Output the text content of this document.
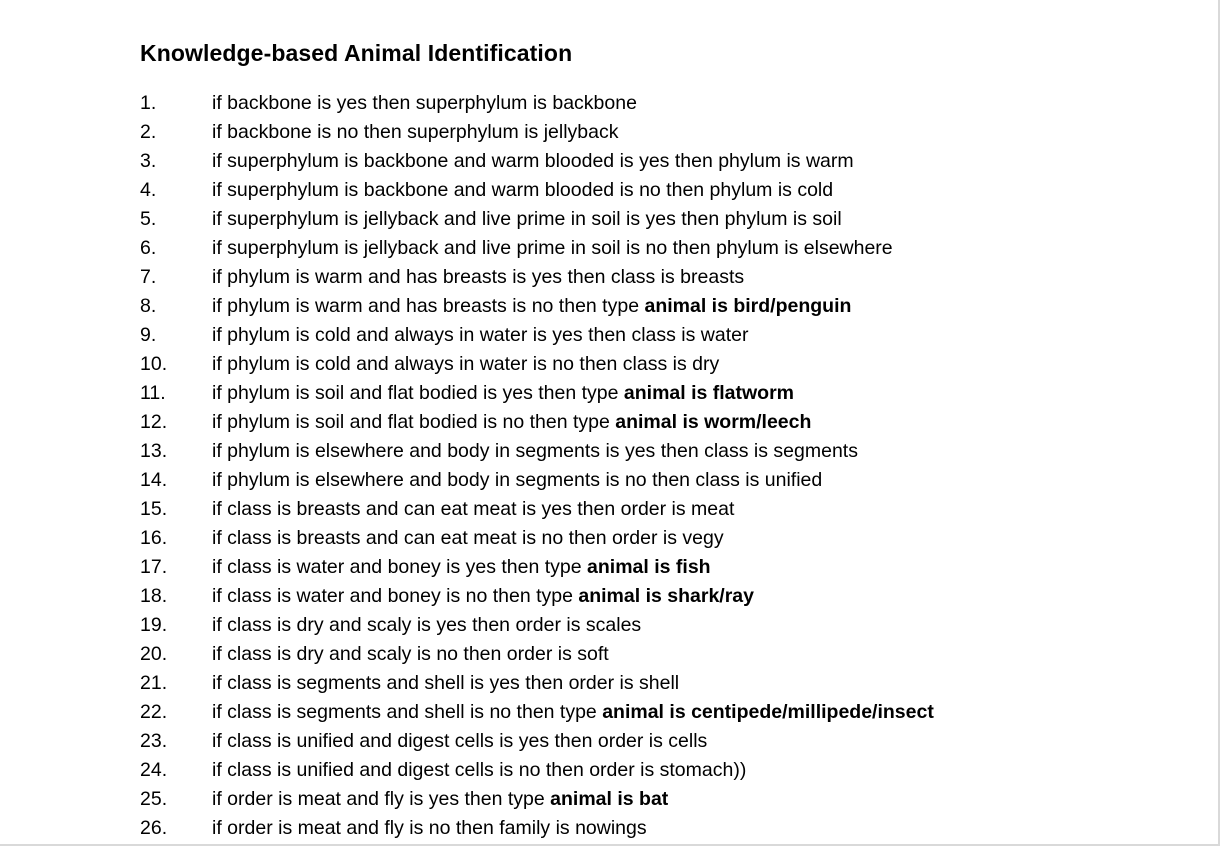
Knowledge-based Animal Identification
1.	if backbone is yes then superphylum is backbone
2.	if backbone is no then superphylum is jellyback
3.	if superphylum is backbone and warm blooded is yes then phylum is warm
4.	if superphylum is backbone and warm blooded is no then phylum is cold
5.	if superphylum is jellyback and live prime in soil is yes then phylum is soil
6.	if superphylum is jellyback and live prime in soil is no then phylum is elsewhere
7.	if phylum is warm and has breasts is yes then class is breasts
8.	if phylum is warm and has breasts is no then type animal is bird/penguin
9.	if phylum is cold and always in water is yes then class is water
10. if phylum is cold and always in water is no then class is dry
11. if phylum is soil and flat bodied is yes then type animal is flatworm
12. if phylum is soil and flat bodied is no then type animal is worm/leech
13. if phylum is elsewhere and body in segments is yes then class is segments
14. if phylum is elsewhere and body in segments is no then class is unified
15. if class is breasts and can eat meat is yes then order is meat
16. if class is breasts and can eat meat is no then order is vegy
17. if class is water and boney is yes then type animal is fish
18. if class is water and boney is no then type animal is shark/ray
19. if class is dry and scaly is yes then order is scales
20. if class is dry and scaly is no then order is soft
21. if class is segments and shell is yes then order is shell
22. if class is segments and shell is no then type animal is centipede/millipede/insect
23. if class is unified and digest cells is yes then order is cells
24. if class is unified and digest cells is no then order is stomach))
25. if order is meat and fly is yes then type animal is bat
26. if order is meat and fly is no then family is nowings
